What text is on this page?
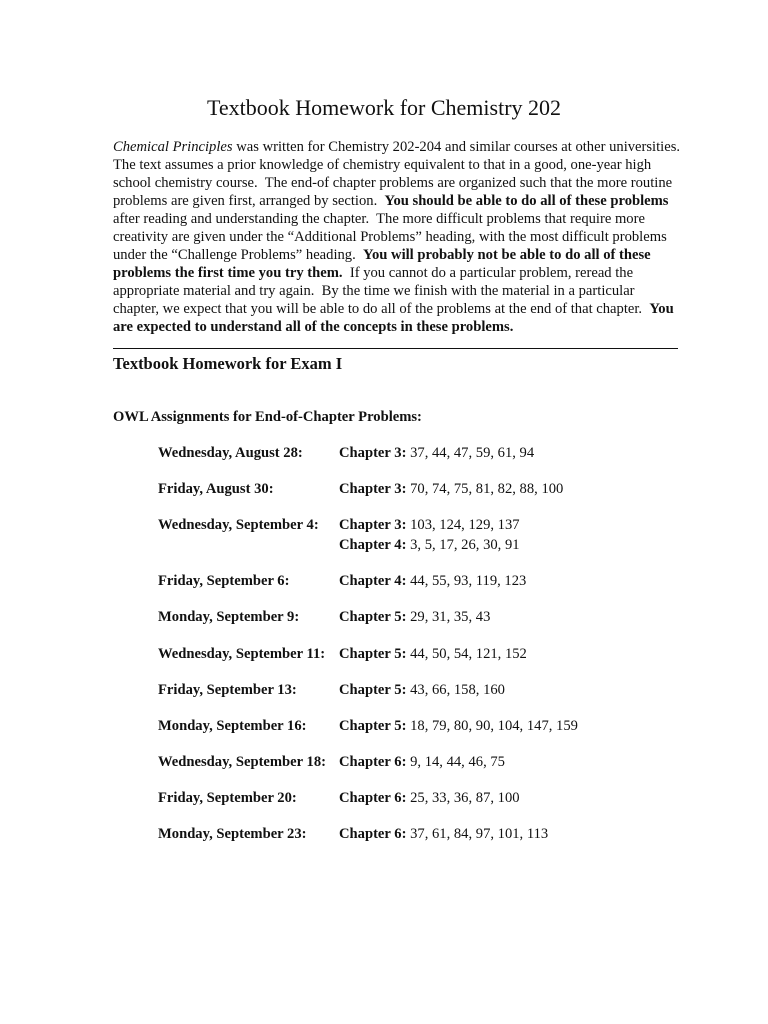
Textbook Homework for Chemistry 202
Chemical Principles was written for Chemistry 202-204 and similar courses at other universities.
The text assumes a prior knowledge of chemistry equivalent to that in a good, one-year high
school chemistry course.  The end-of chapter problems are organized such that the more routine
problems are given first, arranged by section.  You should be able to do all of these problems
after reading and understanding the chapter.  The more difficult problems that require more
creativity are given under the “Additional Problems” heading, with the most difficult problems
under the “Challenge Problems” heading.  You will probably not be able to do all of these
problems the first time you try them.  If you cannot do a particular problem, reread the
appropriate material and try again.  By the time we finish with the material in a particular
chapter, we expect that you will be able to do all of the problems at the end of that chapter.  You
are expected to understand all of the concepts in these problems.
Textbook Homework for Exam I
OWL Assignments for End-of-Chapter Problems:
Wednesday, August 28: Chapter 3: 37, 44, 47, 59, 61, 94
Friday, August 30:	Chapter 3: 70, 74, 75, 81, 82, 88, 100
Wednesday, September 4: Chapter 3: 103, 124, 129, 137
Chapter 4: 3, 5, 17, 26, 30, 91
Friday, September 6:	Chapter 4: 44, 55, 93, 119, 123
Monday, September 9:	Chapter 5: 29, 31, 35, 43
Wednesday, September 11: Chapter 5: 44, 50, 54, 121, 152
Friday, September 13:	Chapter 5: 43, 66, 158, 160
Monday, September 16: Chapter 5: 18, 79, 80, 90, 104, 147, 159
Wednesday, September 18: Chapter 6: 9, 14, 44, 46, 75
Friday, September 20:	Chapter 6: 25, 33, 36, 87, 100
Monday, September 23: Chapter 6: 37, 61, 84, 97, 101, 113
